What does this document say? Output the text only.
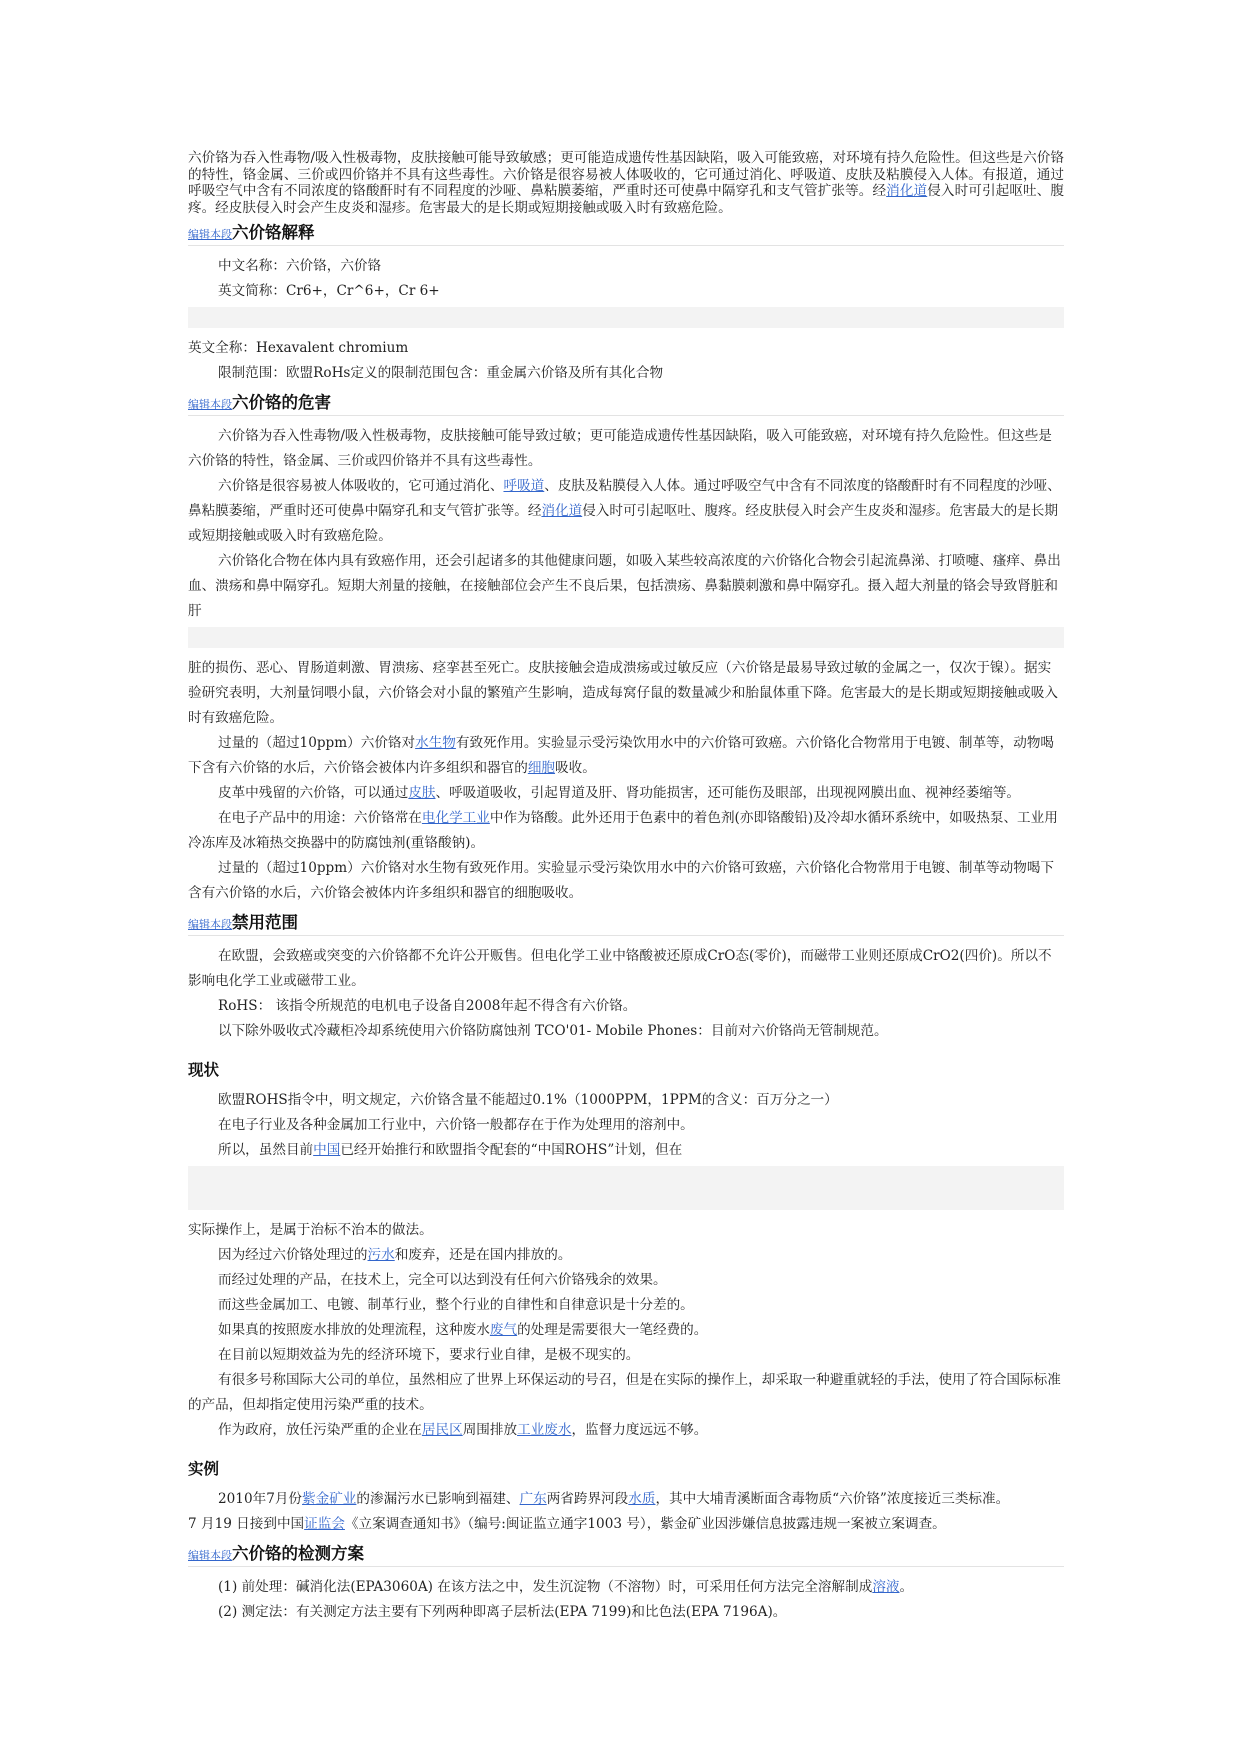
六价铬为吞入性毒物/吸入性极毒物，皮肤接触可能导致敏感；更可能造成遗传性基因缺陷，吸入可能致癌，对环境有持久危险性。但这些是六价铬的特性，铬金属、三价或四价铬并不具有这些毒性。六价铬是很容易被人体吸收的，它可通过消化、呼吸道、皮肤及粘膜侵入人体。有报道，通过呼吸空气中含有不同浓度的铬酸酐时有不同程度的沙哑、鼻粘膜萎缩，严重时还可使鼻中隔穿孔和支气管扩张等。经消化道侵入时可引起呕吐、腹疼。经皮肤侵入时会产生皮炎和湿疹。危害最大的是长期或短期接触或吸入时有致癌危险。

编辑本段 六价铬解释

中文名称：六价铬，六价铬

英文简称：Cr6+，Cr^6+，Cr 6+

英文全称：Hexavalent chromium

限制范围：欧盟RoHs定义的限制范围包含：重金属六价铬及所有其化合物

编辑本段 六价铬的危害

六价铬为吞入性毒物/吸入性极毒物，皮肤接触可能导致过敏；更可能造成遗传性基因缺陷，吸入可能致癌，对环境有持久危险性。但这些是六价铬的特性，铬金属、三价或四价铬并不具有这些毒性。

六价铬是很容易被人体吸收的，它可通过消化、呼吸道、皮肤及粘膜侵入人体。通过呼吸空气中含有不同浓度的铬酸酐时有不同程度的沙哑、鼻粘膜萎缩，严重时还可使鼻中隔穿孔和支气管扩张等。经消化道侵入时可引起呕吐、腹疼。经皮肤侵入时会产生皮炎和湿疹。危害最大的是长期或短期接触或吸入时有致癌危险。

六价铬化合物在体内具有致癌作用，还会引起诸多的其他健康问题，如吸入某些较高浓度的六价铬化合物会引起流鼻涕、打喷嚏、瘙痒、鼻出血、溃疡和鼻中隔穿孔。短期大剂量的接触，在接触部位会产生不良后果，包括溃疡、鼻黏膜刺激和鼻中隔穿孔。摄入超大剂量的铬会导致肾脏和肝

脏的损伤、恶心、胃肠道刺激、胃溃疡、痉挛甚至死亡。皮肤接触会造成溃疡或过敏反应（六价铬是最易导致过敏的金属之一，仅次于镍）。据实验研究表明，大剂量饲喂小鼠，六价铬会对小鼠的繁殖产生影响，造成每窝仔鼠的数量减少和胎鼠体重下降。危害最大的是长期或短期接触或吸入时有致癌危险。

过量的（超过10ppm）六价铬对水生物有致死作用。实验显示受污染饮用水中的六价铬可致癌。六价铬化合物常用于电镀、制革等，动物喝下含有六价铬的水后，六价铬会被体内许多组织和器官的细胞吸收。

皮革中残留的六价铬，可以通过皮肤、呼吸道吸收，引起胃道及肝、肾功能损害，还可能伤及眼部，出现视网膜出血、视神经萎缩等。

在电子产品中的用途：六价铬常在电化学工业中作为铬酸。此外还用于色素中的着色剂(亦即铬酸铅)及冷却水循环系统中，如吸热泵、工业用冷冻库及冰箱热交换器中的防腐蚀剂(重铬酸钠)。

过量的（超过10ppm）六价铬对水生物有致死作用。实验显示受污染饮用水中的六价铬可致癌，六价铬化合物常用于电镀、制革等动物喝下含有六价铬的水后，六价铬会被体内许多组织和器官的细胞吸收。

编辑本段 禁用范围

在欧盟，会致癌或突变的六价铬都不允许公开贩售。但电化学工业中铬酸被还原成CrO态(零价)，而磁带工业则还原成CrO2(四价)。所以不影响电化学工业或磁带工业。

RoHS： 该指令所规范的电机电子设备自2008年起不得含有六价铬。

以下除外吸收式冷藏柜冷却系统使用六价铬防腐蚀剂 TCO'01- Mobile Phones：目前对六价铬尚无管制规范。

现状

欧盟ROHS指令中，明文规定，六价铬含量不能超过0.1%（1000PPM，1PPM的含义：百万分之一）

在电子行业及各种金属加工行业中，六价铬一般都存在于作为处理用的溶剂中。

所以，虽然目前中国已经开始推行和欧盟指令配套的“中国ROHS”计划，但在

实际操作上，是属于治标不治本的做法。

因为经过六价铬处理过的污水和废弃，还是在国内排放的。

而经过处理的产品，在技术上，完全可以达到没有任何六价铬残余的效果。

而这些金属加工、电镀、制革行业，整个行业的自律性和自律意识是十分差的。

如果真的按照废水排放的处理流程，这种废水废气的处理是需要很大一笔经费的。

在目前以短期效益为先的经济环境下，要求行业自律，是极不现实的。

有很多号称国际大公司的单位，虽然相应了世界上环保运动的号召，但是在实际的操作上，却采取一种避重就轻的手法，使用了符合国际标准的产品，但却指定使用污染严重的技术。

作为政府，放任污染严重的企业在居民区周围排放工业废水，监督力度远远不够。

实例

2010年7月份紫金矿业的渗漏污水已影响到福建、广东两省跨界河段水质，其中大埔青溪断面含毒物质“六价铬”浓度接近三类标准。

7 月19 日接到中国证监会《立案调查通知书》（编号:闽证监立通字1003 号），紫金矿业因涉嫌信息披露违规一案被立案调查。

编辑本段 六价铬的检测方案

(1) 前处理：碱消化法(EPA3060A) 在该方法之中，发生沉淀物（不溶物）时，可采用任何方法完全溶解制成溶液。

(2) 测定法：有关测定方法主要有下列两种即离子层析法(EPA 7199)和比色法(EPA 7196A)。
